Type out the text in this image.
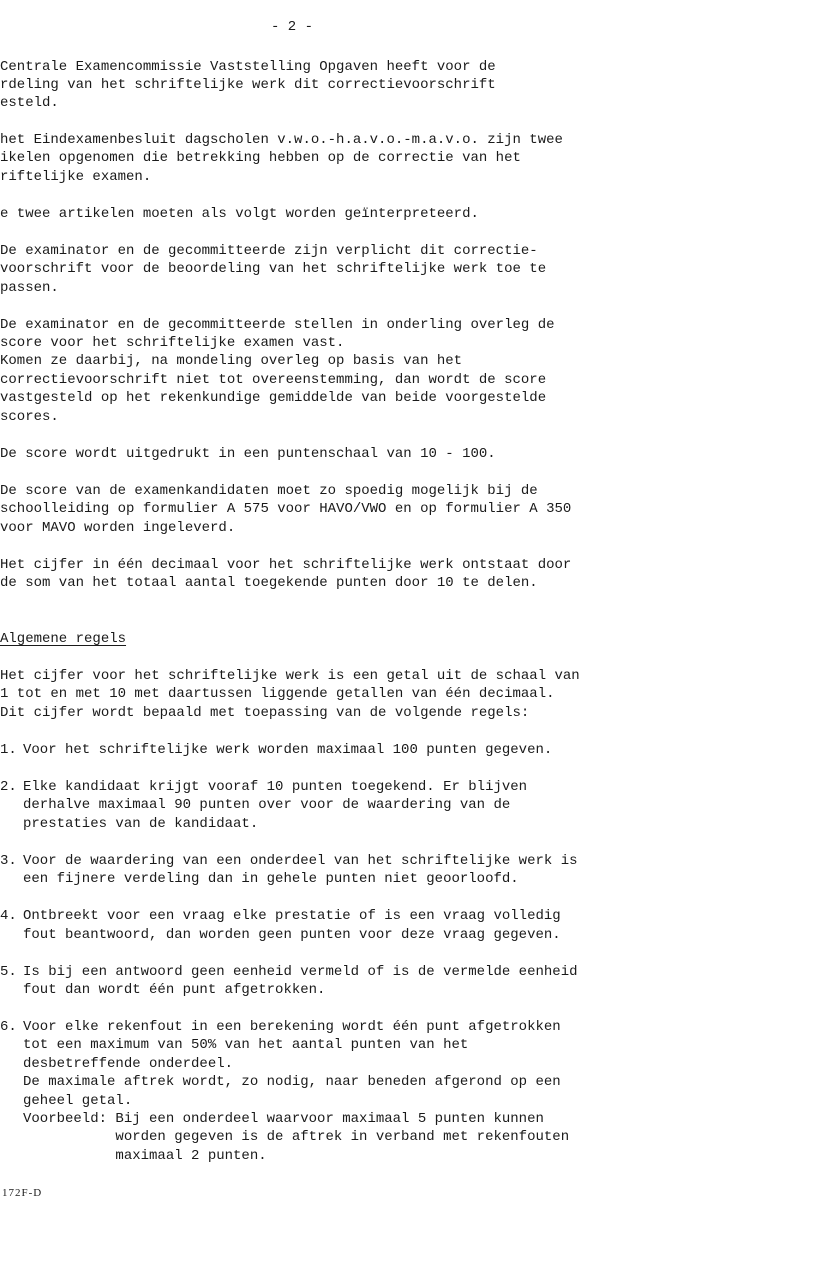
- 2 -
Centrale Examencommissie Vaststelling Opgaven heeft voor de
rdeling van het schriftelijke werk dit correctievoorschrift
esteld.
het Eindexamenbesluit dagscholen v.w.o.-h.a.v.o.-m.a.v.o. zijn twee
ikelen opgenomen die betrekking hebben op de correctie van het
riftelijke examen.
e twee artikelen moeten als volgt worden geïnterpreteerd.
De examinator en de gecommitteerde zijn verplicht dit correctie-
voorschrift voor de beoordeling van het schriftelijke werk toe te
passen.
De examinator en de gecommitteerde stellen in onderling overleg de
score voor het schriftelijke examen vast.
Komen ze daarbij, na mondeling overleg op basis van het
correctievoorschrift niet tot overeenstemming, dan wordt de score
vastgesteld op het rekenkundige gemiddelde van beide voorgestelde
scores.
De score wordt uitgedrukt in een puntenschaal van 10 - 100.
De score van de examenkandidaten moet zo spoedig mogelijk bij de
schoolleiding op formulier A 575 voor HAVO/VWO en op formulier A 350
voor MAVO worden ingeleverd.
Het cijfer in één decimaal voor het schriftelijke werk ontstaat door
de som van het totaal aantal toegekende punten door 10 te delen.
Algemene regels
Het cijfer voor het schriftelijke werk is een getal uit de schaal van
1 tot en met 10 met daartussen liggende getallen van één decimaal.
Dit cijfer wordt bepaald met toepassing van de volgende regels:
1. Voor het schriftelijke werk worden maximaal 100 punten gegeven.
2. Elke kandidaat krijgt vooraf 10 punten toegekend. Er blijven
derhalve maximaal 90 punten over voor de waardering van de
prestaties van de kandidaat.
3. Voor de waardering van een onderdeel van het schriftelijke werk is
een fijnere verdeling dan in gehele punten niet geoorloofd.
4. Ontbreekt voor een vraag elke prestatie of is een vraag volledig
fout beantwoord, dan worden geen punten voor deze vraag gegeven.
5. Is bij een antwoord geen eenheid vermeld of is de vermelde eenheid
fout dan wordt één punt afgetrokken.
6. Voor elke rekenfout in een berekening wordt één punt afgetrokken
tot een maximum van 50% van het aantal punten van het
desbetreffende onderdeel.
De maximale aftrek wordt, zo nodig, naar beneden afgerond op een
geheel getal.
Voorbeeld: Bij een onderdeel waarvoor maximaal 5 punten kunnen
worden gegeven is de aftrek in verband met rekenfouten
maximaal 2 punten.
172F-D
